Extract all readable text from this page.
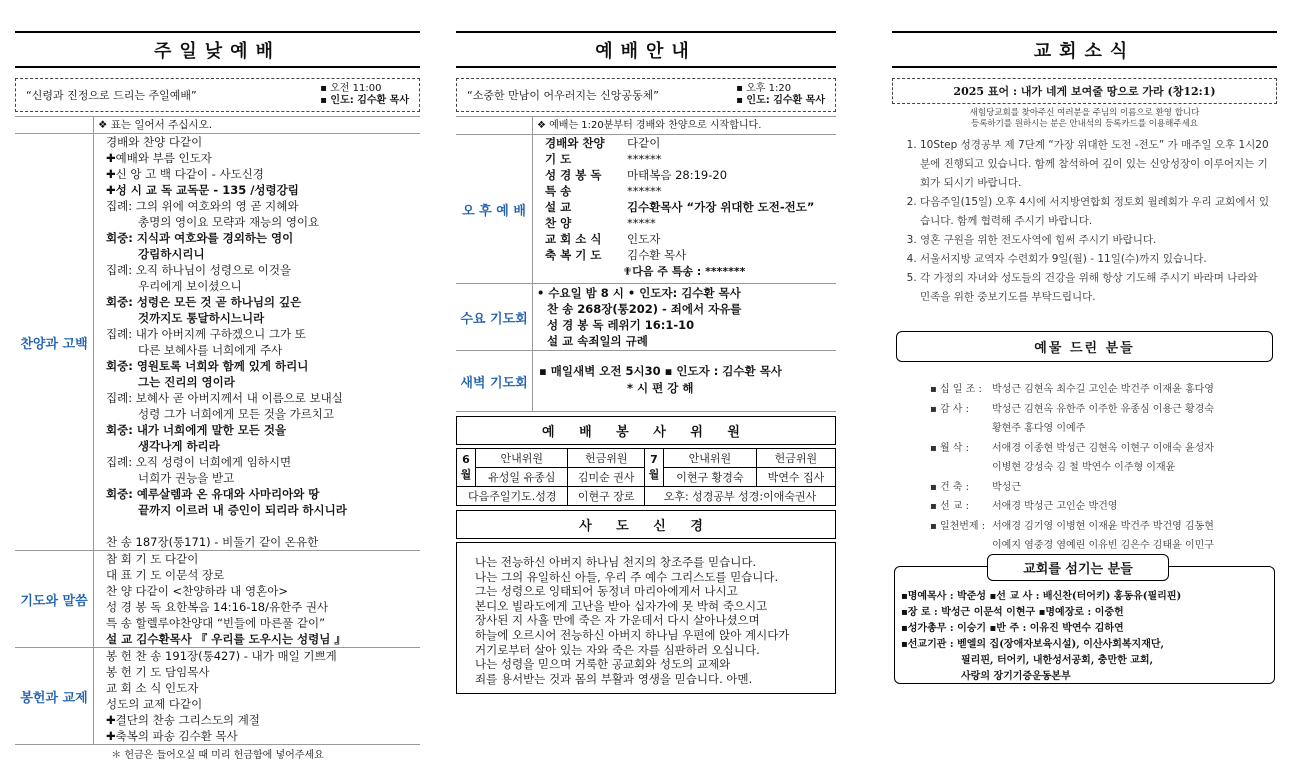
주일낮예배
“신령과 진정으로 드리는 주일예배”
▪ 오전 11:00
▪ 인도: 김수환 목사
❖ 표는 일어서 주십시오.
찬양과 고백
경배와 찬양 다같이
✚예배와 부름 인도자
✚신 앙 고 백 다같이 - 사도신경
✚성 시 교 독 교독문 - 135 /성령강림
집례: 그의 위에 여호와의 영 곧 지혜와
총명의 영이요 모략과 재능의 영이요
회중: 지식과 여호와를 경외하는 영이
강림하시리니
집례: 오직 하나님이 성령으로 이것을
우리에게 보이셨으니
회중: 성령은 모든 것 곧 하나님의 깊은
것까지도 통달하시느니라
집례: 내가 아버지께 구하겠으니 그가 또
다른 보혜사를 너희에게 주사
회중: 영원토록 너희와 함께 있게 하리니
그는 진리의 영이라
집례: 보혜사 곧 아버지께서 내 이름으로 보내실
성령 그가 너희에게 모든 것을 가르치고
회중: 내가 너희에게 말한 모든 것을
생각나게 하리라
집례: 오직 성령이 너희에게 임하시면
너희가 권능을 받고
회중: 예루살렘과 온 유대와 사마리아와 땅
끝까지 이르러 내 증인이 되리라 하시니라

찬 송 187장(통171) - 비둘기 같이 온유한
기도와 말씀
참 회 기 도 다같이
대 표 기 도 이문석 장로
찬 양 다같이 <찬양하라 내 영혼아>
성 경 봉 독 요한복음 14:16-18/유한주 권사
특 송 할렐루야찬양대 “빈들에 마른풀 같이”
설 교 김수환목사 『 우리를 도우시는 성령님 』
봉헌과 교제
봉 헌 찬 송 191장(통427) - 내가 매일 기쁘게
봉 헌 기 도 담임목사
교 회 소 식 인도자
성도의 교제 다같이
✚결단의 찬송 그리스도의 계절
✚축복의 파송 김수환 목사
＊ 헌금은 들어오실 때 미리 헌금함에 넣어주세요
예배안내
“소중한 만남이 어우러지는 신앙공동체”
▪ 오후 1:20
▪ 인도: 김수환 목사
❖ 예배는 1:20분부터 경배와 찬양으로 시작합니다.
오 후 예 배
경배와 찬양	다같이
기 도	******
성 경 봉 독	마태복음 28:19-20
특 송	******
설 교	김수환목사 “가장 위대한 도전-전도”
찬 양	*****
교 회 소 식	인도자
축 복 기 도	김수환 목사
✟다음 주 특송 : *******
수요 기도회
• 수요일 밤 8 시 • 인도자: 김수환 목사
찬 송 268장(통202) - 죄에서 자유를
성 경 봉 독 레위기 16:1-10
설 교 속죄일의 규례
새벽 기도회
▪ 매일새벽 오전 5시30 ▪ 인도자 : 김수환 목사
* 시 편 강 해
예 배 봉 사 위 원
6월	안내위원	헌금위원	7월	안내위원	헌금위원
	유성일 유종심	김미순 권사		이현구 황경숙	박연수 집사
다음주일기도.성경		이현구 장로	오후: 성경공부 성경:이애숙권사		
사 도 신 경
나는 전능하신 아버지 하나님 천지의 창조주를 믿습니다.
나는 그의 유일하신 아들, 우리 주 예수 그리스도를 믿습니다.
그는 성령으로 잉태되어 동정녀 마리아에게서 나시고
본디오 빌라도에게 고난을 받아 십자가에 못 박혀 죽으시고
장사된 지 사흘 만에 죽은 자 가운데서 다시 살아나셨으며
하늘에 오르시어 전능하신 아버지 하나님 우편에 앉아 계시다가
거기로부터 살아 있는 자와 죽은 자를 심판하러 오십니다.
나는 성령을 믿으며 거룩한 공교회와 성도의 교제와
죄를 용서받는 것과 몸의 부활과 영생을 믿습니다. 아멘.
교회소식
2025 표어 : 내가 네게 보여줄 땅으로 가라 (창12:1)
새힘당교회를 찾아주신 여러분을 주님의 이름으로 환영 합니다
등록하기를 원하시는 분은 안내석의 등록카드를 이용해주세요
1. 10Step 성경공부 제 7단계 “가장 위대한 도전 -전도” 가 매주일 오후 1시20분에 진행되고 있습니다. 함께 참석하여 깊이 있는 신앙성장이 이루어지는 기회가 되시기 바랍니다.
2. 다음주일(15일) 오후 4시에 서지방연합회 정토회 월례회가 우리 교회에서 있습니다. 함께 협력해 주시기 바랍니다.
3. 영혼 구원을 위한 전도사역에 힘써 주시기 바랍니다.
4. 서울서지방 교역자 수련회가 9일(월) - 11일(수)까지 있습니다.
5. 각 가정의 자녀와 성도들의 건강을 위해 항상 기도해 주시기 바라며 나라와 민족을 위한 중보기도를 부탁드립니다.
예물 드린 분들
▪ 십 일 조 :	박성근 김현옥 최수길 고인순 박건주 이재윤 홍다영
▪ 감 사 :	박성근 김현옥 유한주 이주한 유종심 이용근 황경숙
황현주 홍다영 이예주
▪ 월 삭 :	서애경 이종현 박성근 김현옥 이현구 이애숙 윤성자
이병현 강성숙 김 철 박연수 이주형 이재윤
▪ 건 축 :	박성근
▪ 선 교 :	서애경 박성근 고인순 박건영
▪ 일천번제 : 서애경 김기영 이병현 이재윤 박건주 박건영 김동현
이예지 염중경 염예린 이유빈 김은수 김태윤 이민구
▪명예목사 : 박준성 ▪선 교 사 : 배신찬(터어키) 홍동유(필리핀)
▪장 로 : 박성근 이문석 이현구 ▪명예장로 : 이중헌
▪성가총무 : 이승기 ▪반 주 : 이유진 박연수 김하연
▪선교기관 : 벧엘의 집(장애자보육시설), 이산사회복지재단,
필리핀, 터어키, 내한성서공회, 충만한 교회,
사랑의 장기기증운동본부
교회를 섬기는 분들
